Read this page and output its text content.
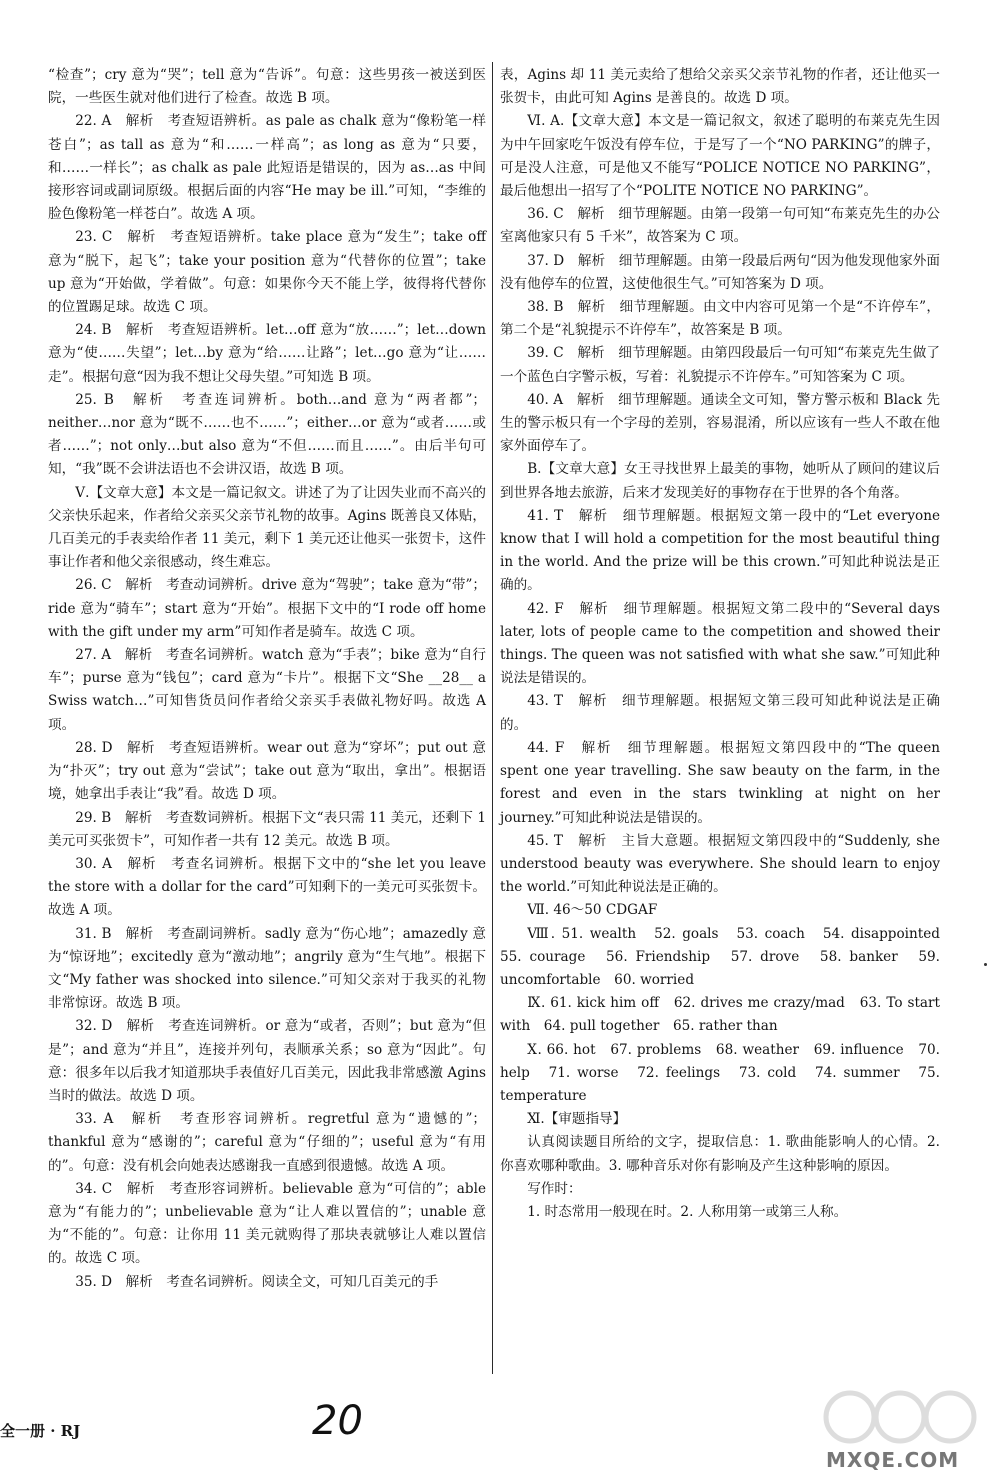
“检查”；cry 意为“哭”；tell 意为“告诉”。句意：这些男孩一被送到医院，一些医生就对他们进行了检查。故选 B 项。

22. A　解析　考查短语辨析。as pale as chalk 意为“像粉笔一样苍白”；as tall as 意为“和……一样高”；as long as 意为“只要，和……一样长”；as chalk as pale 此短语是错误的，因为 as…as 中间接形容词或副词原级。根据后面的内容“He may be ill.”可知，“李维的脸色像粉笔一样苍白”。故选 A 项。

23. C　解析　考查短语辨析。take place 意为“发生”；take off 意为“脱下，起飞”；take your position 意为“代替你的位置”；take up 意为“开始做，学着做”。句意：如果你今天不能上学，彼得将代替你的位置踢足球。故选 C 项。

24. B　解析　考查短语辨析。let…off 意为“放……”；let…down 意为“使……失望”；let…by 意为“给……让路”；let…go 意为“让……走”。根据句意“因为我不想让父母失望。”可知选 B 项。

25. B　解析　考查连词辨析。both…and 意为“两者都”；neither…nor 意为“既不……也不……”；either…or 意为“或者……或者……”；not only…but also 意为“不但……而且……”。由后半句可知，“我”既不会讲法语也不会讲汉语，故选 B 项。

Ⅴ.【文章大意】本文是一篇记叙文。讲述了为了让因失业而不高兴的父亲快乐起来，作者给父亲买父亲节礼物的故事。Agins 既善良又体贴，几百美元的手表卖给作者 11 美元，剩下 1 美元还让他买一张贺卡，这件事让作者和他父亲很感动，终生难忘。

26. C　解析　考查动词辨析。drive 意为“驾驶”；take 意为“带”；ride 意为“骑车”；start 意为“开始”。根据下文中的“I rode off home with the gift under my arm”可知作者是骑车。故选 C 项。

27. A　解析　考查名词辨析。watch 意为“手表”；bike 意为“自行车”；purse 意为“钱包”；card 意为“卡片”。根据下文“She __28__ a Swiss watch…”可知售货员问作者给父亲买手表做礼物好吗。故选 A 项。

28. D　解析　考查短语辨析。wear out 意为“穿坏”；put out 意为“扑灭”；try out 意为“尝试”；take out 意为“取出，拿出”。根据语境，她拿出手表让“我”看。故选 D 项。

29. B　解析　考查数词辨析。根据下文“表只需 11 美元，还剩下 1 美元可买张贺卡”，可知作者一共有 12 美元。故选 B 项。

30. A　解析　考查名词辨析。根据下文中的“she let you leave the store with a dollar for the card”可知剩下的一美元可买张贺卡。故选 A 项。

31. B　解析　考查副词辨析。sadly 意为“伤心地”；amazedly 意为“惊讶地”；excitedly 意为“激动地”；angrily 意为“生气地”。根据下文“My father was shocked into silence.”可知父亲对于我买的礼物非常惊讶。故选 B 项。

32. D　解析　考查连词辨析。or 意为“或者，否则”；but 意为“但是”；and 意为“并且”，连接并列句，表顺承关系；so 意为“因此”。句意：很多年以后我才知道那块手表值好几百美元，因此我非常感激 Agins 当时的做法。故选 D 项。

33. A　解析　考查形容词辨析。regretful 意为“遗憾的”；thankful 意为“感谢的”；careful 意为“仔细的”；useful 意为“有用的”。句意：没有机会向她表达感谢我一直感到很遗憾。故选 A 项。

34. C　解析　考查形容词辨析。believable 意为“可信的”；able 意为“有能力的”；unbelievable 意为“让人难以置信的”；unable 意为“不能的”。句意：让你用 11 美元就购得了那块表就够让人难以置信的。故选 C 项。

35. D　解析　考查名词辨析。阅读全文，可知几百美元的手

表，Agins 却 11 美元卖给了想给父亲买父亲节礼物的作者，还让他买一张贺卡，由此可知 Agins 是善良的。故选 D 项。

Ⅵ. A.【文章大意】本文是一篇记叙文，叙述了聪明的布莱克先生因为中午回家吃午饭没有停车位，于是写了一个“NO PARKING”的牌子，可是没人注意，可是他又不能写“POLICE NOTICE NO PARKING”，最后他想出一招写了个“POLITE NOTICE NO PARKING”。

36. C　解析　细节理解题。由第一段第一句可知“布莱克先生的办公室离他家只有 5 千米”，故答案为 C 项。

37. D　解析　细节理解题。由第一段最后两句“因为他发现他家外面没有他停车的位置，这使他很生气。”可知答案为 D 项。

38. B　解析　细节理解题。由文中内容可见第一个是“不许停车”，第二个是“礼貌提示不许停车”，故答案是 B 项。

39. C　解析　细节理解题。由第四段最后一句可知“布莱克先生做了一个蓝色白字警示板，写着：礼貌提示不许停车。”可知答案为 C 项。

40. A　解析　细节理解题。通读全文可知，警方警示板和 Black 先生的警示板只有一个字母的差别，容易混淆，所以应该有一些人不敢在他家外面停车了。

B.【文章大意】女王寻找世界上最美的事物，她听从了顾问的建议后到世界各地去旅游，后来才发现美好的事物存在于世界的各个角落。

41. T　解析　细节理解题。根据短文第一段中的“Let everyone know that I will hold a competition for the most beautiful thing in the world. And the prize will be this crown.”可知此种说法是正确的。

42. F　解析　细节理解题。根据短文第二段中的“Several days later, lots of people came to the competition and showed their things. The queen was not satisfied with what she saw.”可知此种说法是错误的。

43. T　解析　细节理解题。根据短文第三段可知此种说法是正确的。

44. F　解析　细节理解题。根据短文第四段中的“The queen spent one year travelling. She saw beauty on the farm, in the forest and even in the stars twinkling at night on her journey.”可知此种说法是错误的。

45. T　解析　主旨大意题。根据短文第四段中的“Suddenly, she understood beauty was everywhere. She should learn to enjoy the world.”可知此种说法是正确的。

Ⅶ. 46～50 CDGAF

Ⅷ. 51. wealth　52. goals　53. coach　54. disappointed　55. courage　56. Friendship　57. drove　58. banker　59. uncomfortable　60. worried

Ⅸ. 61. kick him off　62. drives me crazy/mad　63. To start with　64. pull together　65. rather than

Ⅹ. 66. hot　67. problems　68. weather　69. influence　70. help　71. worse　72. feelings　73. cold　74. summer　75. temperature

Ⅺ.【审题指导】

认真阅读题目所给的文字，提取信息：1. 歌曲能影响人的心情。2. 你喜欢哪种歌曲。3. 哪种音乐对你有影响及产生这种影响的原因。

写作时：

1. 时态常用一般现在时。2. 人称用第一或第三人称。

全一册 · RJ	20
MXQE.COM
